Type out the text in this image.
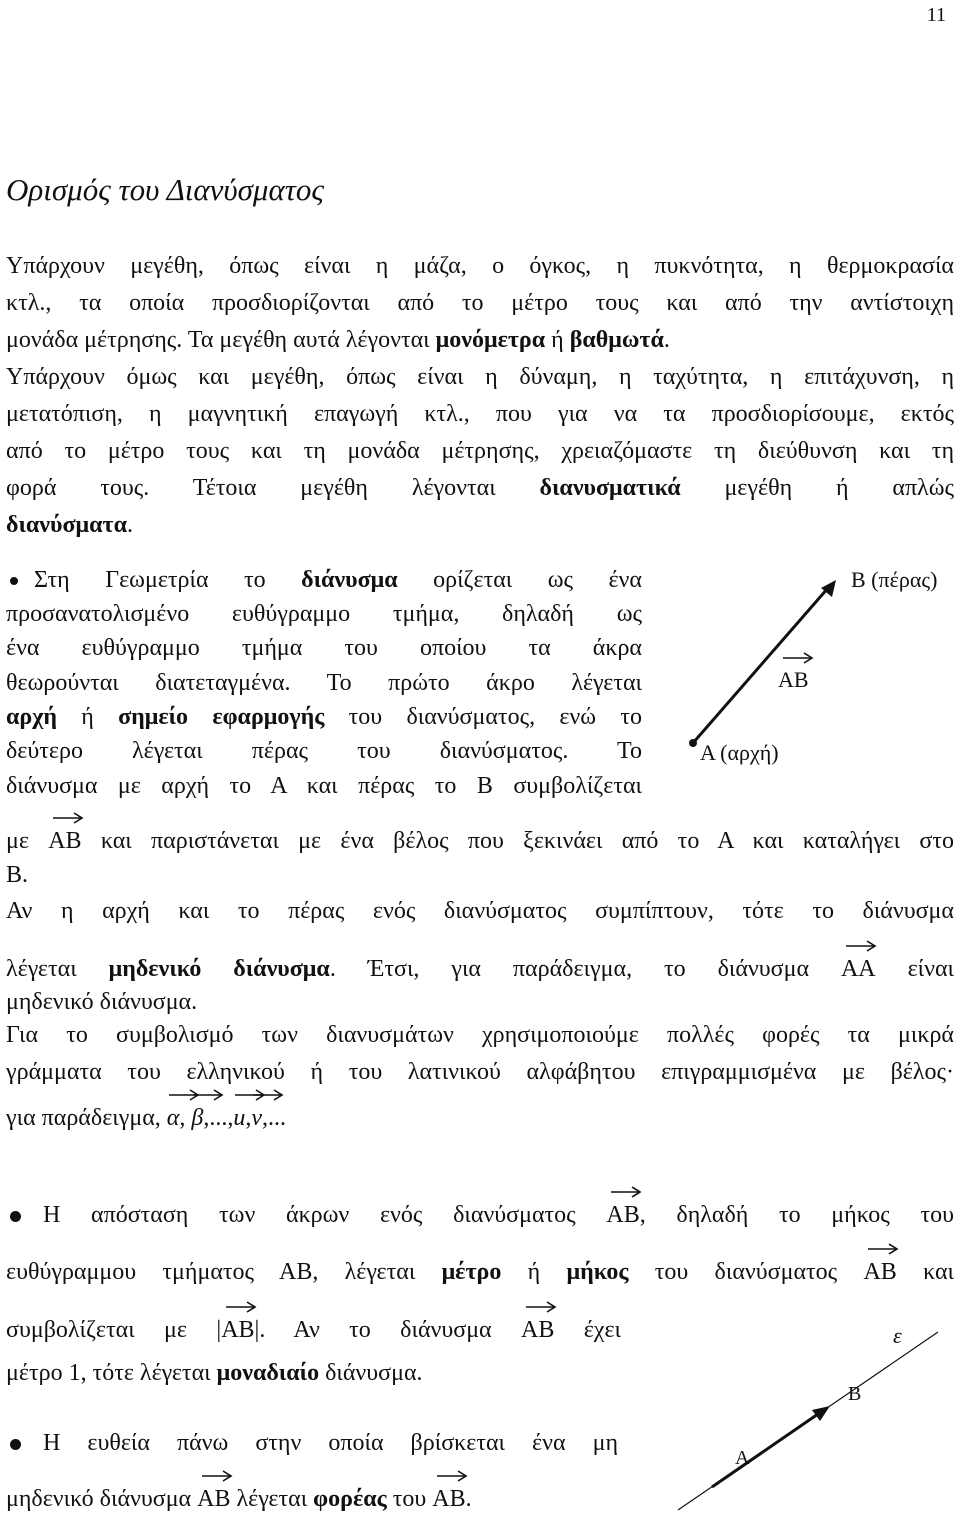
11
Ορισμός του Διανύσματος
Υπάρχουν μεγέθη, όπως είναι η μάζα, ο όγκος, η πυκνότητα, η θερμοκρασία
κτλ., τα οποία προσδιορίζονται από το μέτρο τους και από την αντίστοιχη
μονάδα μέτρησης. Τα μεγέθη αυτά λέγονται μονόμετρα ή βαθμωτά.
Υπάρχουν όμως και μεγέθη, όπως είναι η δύναμη, η ταχύτητα, η επιτάχυνση, η
μετατόπιση, η μαγνητική επαγωγή κτλ., που για να τα προσδιορίσουμε, εκτός
από το μέτρο τους και τη μονάδα μέτρησης, χρειαζόμαστε τη διεύθυνση και τη
φορά τους. Τέτοια μεγέθη λέγονται διανυσματικά μεγέθη ή απλώς
διανύσματα.
Στη Γεωμετρία το διάνυσμα ορίζεται ως ένα
προσανατολισμένο ευθύγραμμο τμήμα, δηλαδή ως
ένα ευθύγραμμο τμήμα του οποίου τα άκρα
θεωρούνται διατεταγμένα. Το πρώτο άκρο λέγεται
αρχή ή σημείο εφαρμογής του διανύσματος, ενώ το
δεύτερο λέγεται πέρας του διανύσματος. Το
διάνυσμα με αρχή το Α και πέρας το Β συμβολίζεται
Β (πέρας)
ΑΒ
Α (αρχή)
με
ΑΒ και παριστάνεται με ένα βέλος που ξεκινάει από το Α και καταλήγει στο
Β.
Αν η αρχή και το πέρας ενός διανύσματος συμπίπτουν, τότε το διάνυσμα
λέγεται μηδενικό διάνυσμα. Έτσι, για παράδειγμα, το διάνυσμα
ΑΑ είναι
μηδενικό διάνυσμα.
Για το συμβολισμό των διανυσμάτων χρησιμοποιούμε πολλές φορές τα μικρά
γράμματα του ελληνικού ή του λατινικού αλφάβητου επιγραμμισμένα με βέλος·
για παράδειγμα,
α,
β,...,
u,
v,...
Η απόσταση των άκρων ενός διανύσματος
ΑΒ, δηλαδή το μήκος του
ευθύγραμμου τμήματος ΑΒ, λέγεται μέτρο ή μήκος του διανύσματος
ΑΒ και
συμβολίζεται με |
ΑΒ|. Αν το διάνυσμα
ΑΒ έχει
μέτρο 1, τότε λέγεται μοναδιαίο διάνυσμα.
Η ευθεία πάνω στην οποία βρίσκεται ένα μη
μηδενικό διάνυσμα
ΑΒ λέγεται φορέας του
ΑΒ.
ε
Β
Α
